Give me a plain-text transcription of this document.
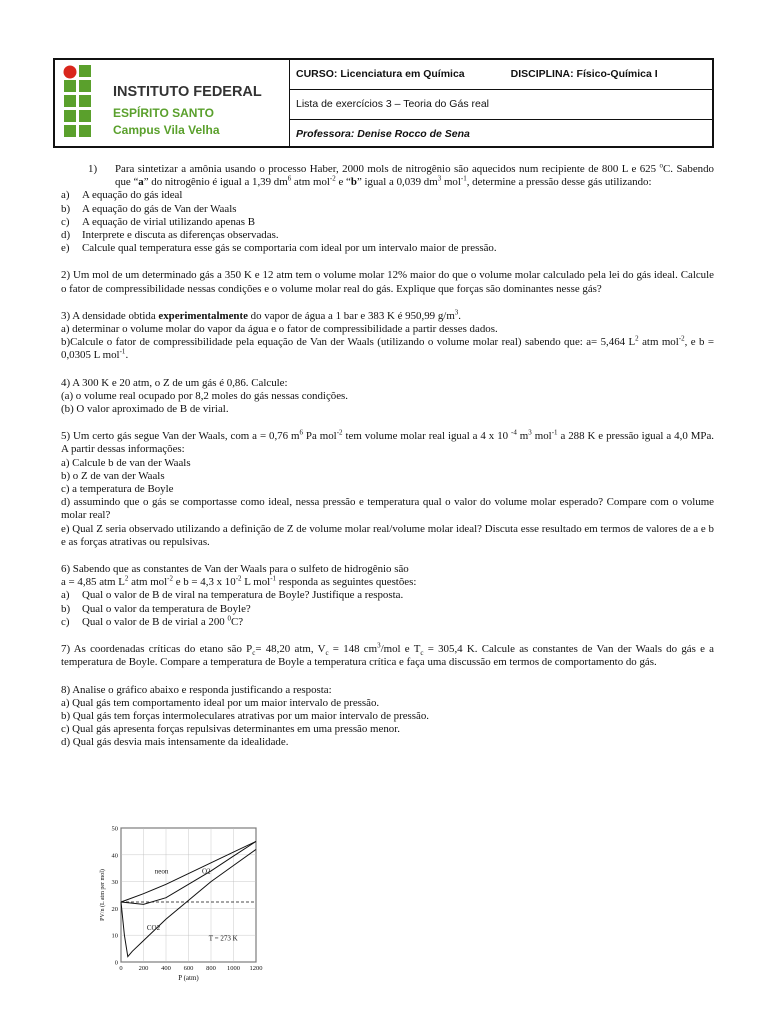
INSTITUTO FEDERAL
ESPÍRITO SANTO
Campus Vila Velha
CURSO: Licenciatura em Química	DISCIPLINA: Físico-Química I
Lista de exercícios 3 – Teoria do Gás real
Professora: Denise Rocco de Sena

1) Para sintetizar a amônia usando o processo Haber, 2000 mols de nitrogênio são aquecidos num recipiente de 800 L e 625 $^o$C. Sabendo que “a” do nitrogênio é igual a 1,39 $dm^6$ atm mol$^{-2}$ e “b” igual a 0,039 $dm^3$ mol$^{-1}$, determine a pressão desse gás utilizando:

a) A equação do gás ideal

b) A equação do gás de Van der Waals

c) A equação de virial utilizando apenas B

d) Interprete e discuta as diferenças observadas.

e) Calcule qual temperatura esse gás se comportaria com ideal por um intervalo maior de pressão.

2) Um mol de um determinado gás a 350 K e 12 atm tem o volume molar 12% maior do que o volume molar calculado pela lei do gás ideal. Calcule o fator de compressibilidade nessas condições e o volume molar real do gás. Explique que forças são dominantes nesse gás?

3) A densidade obtida experimentalmente do vapor de água a 1 bar e 383 K é 950,99 $g/m^3$.

a) determinar o volume molar do vapor da água e o fator de compressibilidade a partir desses dados.

b)Calcule o fator de compressibilidade pela equação de Van der Waals (utilizando o volume molar real) sabendo que: a= 5,464 $L^2$ atm mol$^{-2}$, e b = 0,0305 L mol$^{-1}$.

4) A 300 K e 20 atm, o Z de um gás é 0,86. Calcule:

(a) o volume real ocupado por 8,2 moles do gás nessas condições.

(b) O valor aproximado de B de virial.

5) Um certo gás segue Van der Waals, com a = 0,76 $m^6$ Pa mol$^{-2}$ tem volume molar real igual a 4 x 10 $^{-4}$ $m^3$ mol$^{-1}$ a 288 K e pressão igual a 4,0 MPa. A partir dessas informações:

a) Calcule b de van der Waals

b) o Z de van der Waals

c) a temperatura de Boyle

d) assumindo que o gás se comportasse como ideal, nessa pressão e temperatura qual o valor do volume molar esperado? Compare com o volume molar real?

e) Qual Z seria observado utilizando a definição de Z de volume molar real/volume molar ideal? Discuta esse resultado em termos de valores de a e b e as forças atrativas ou repulsivas.

6) Sabendo que as constantes de Van der Waals para o sulfeto de hidrogênio são

a = 4,85 atm $L^2$ atm mol$^{-2}$ e b = 4,3 x $10^{-2}$ L mol$^{-1}$ responda as seguintes questões:

a) Qual o valor de B de viral na temperatura de Boyle? Justifique a resposta.

b) Qual o valor da temperatura de Boyle?

c) Qual o valor de B de virial a 200 $^0$C?

7) As coordenadas críticas do etano são $P_c= 48,20$ atm, $V_c = 148$ $cm^3$/mol e $T_c = 305,4$ K. Calcule as constantes de Van der Waals do gás e a temperatura de Boyle. Compare a temperatura de Boyle a temperatura crítica e faça uma discussão em termos de comportamento do gás.

8) Analise o gráfico abaixo e responda justificando a resposta:

a) Qual gás tem comportamento ideal por um maior intervalo de pressão.

b) Qual gás tem forças intermoleculares atrativas por um maior intervalo de pressão.

c) Qual gás apresenta forças repulsivas determinantes em uma pressão menor.

d) Qual gás desvia mais intensamente da idealidade.

0
10
20
30
40
50
0 200 400 600 800 1000 1200
neon	O2
CO2
T = 273 K
P (atm)
PV/n (L atm per mol)
